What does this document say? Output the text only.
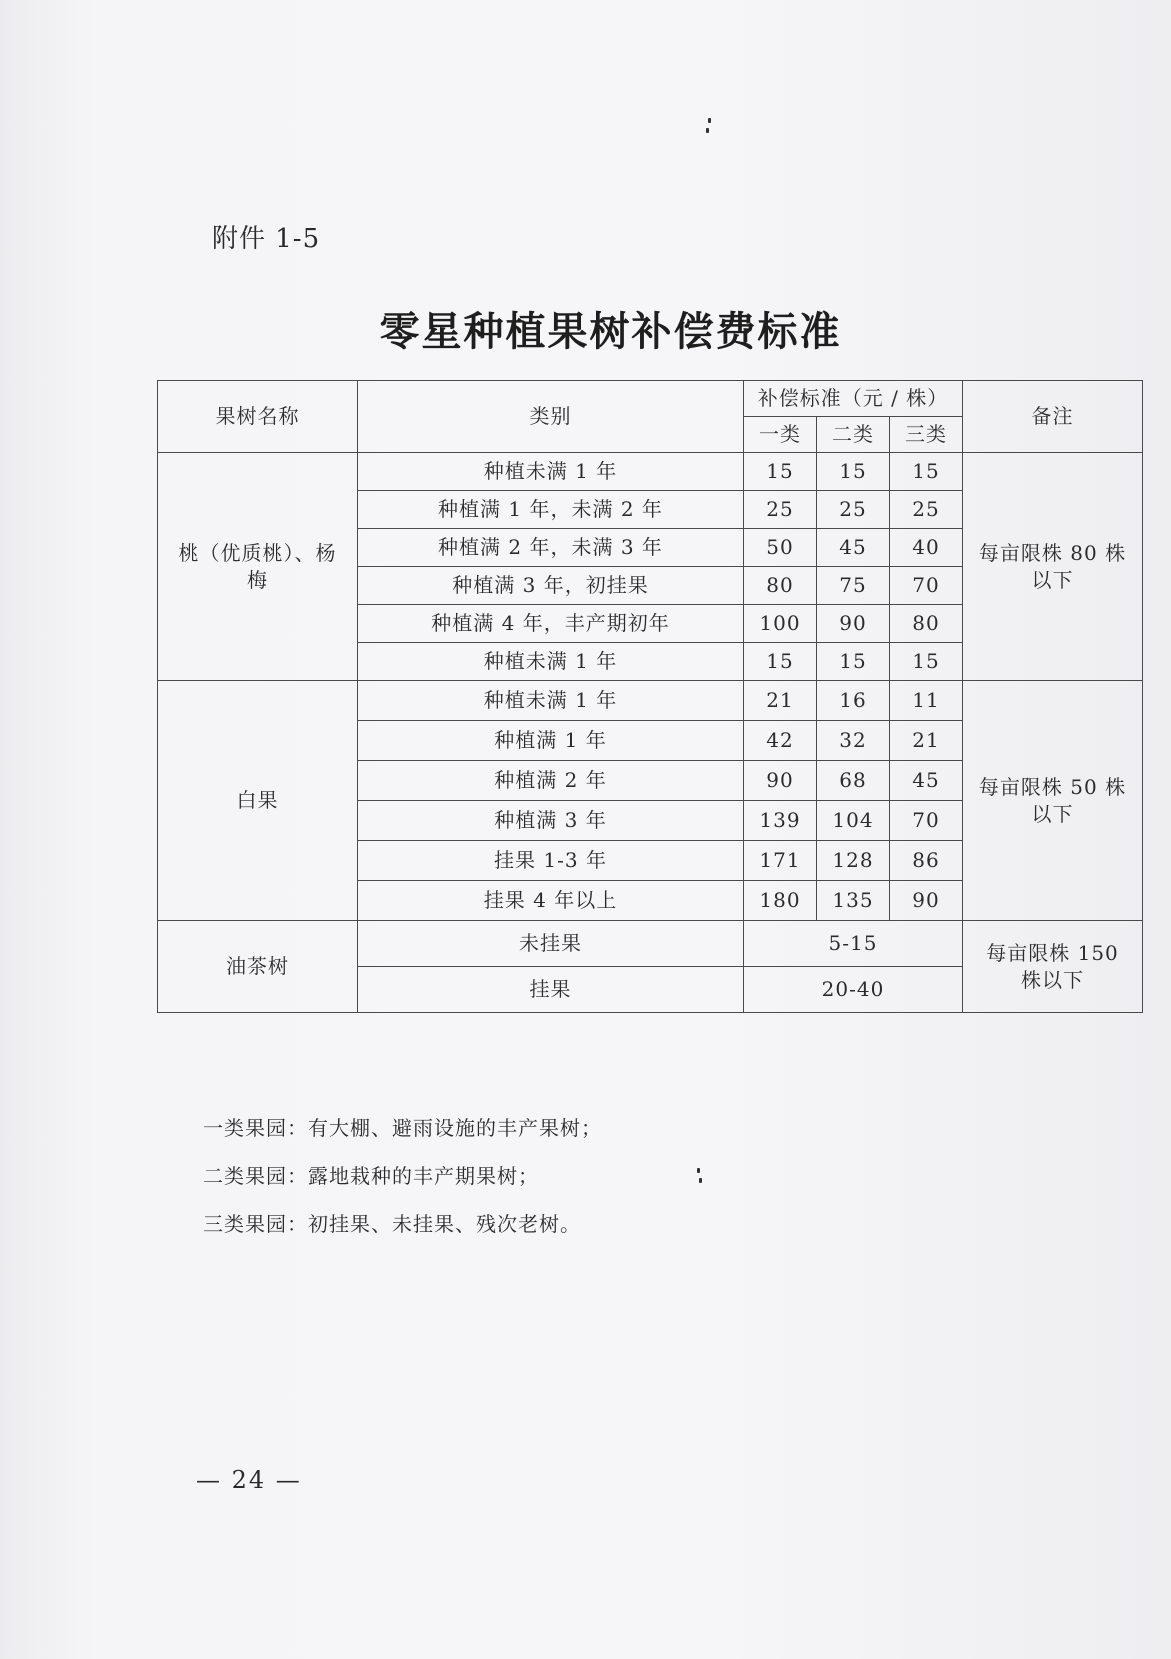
附件 1-5
零星种植果树补偿费标准
果树名称	类别	补偿标准（元 / 株）			备注
		一类	二类	三类	
桃（优质桃）、杨梅	种植未满 1 年	15	15	15	每亩限株 80 株以下
	种植满 1 年，未满 2 年	25	25	25	
	种植满 2 年，未满 3 年	50	45	40	
	种植满 3 年，初挂果	80	75	70	
	种植满 4 年，丰产期初年	100	90	80	
	种植未满 1 年	15	15	15	
白果	种植未满 1 年	21	16	11	每亩限株 50 株以下
	种植满 1 年	42	32	21	
	种植满 2 年	90	68	45	
	种植满 3 年	139	104	70	
	挂果 1-3 年	171	128	86	
	挂果 4 年以上	180	135	90	
油茶树	未挂果	5-15			每亩限株 150 株以下
	挂果	20-40			
一类果园：有大棚、避雨设施的丰产果树；
二类果园：露地栽种的丰产期果树；
三类果园：初挂果、未挂果、残次老树。
— 24 —
